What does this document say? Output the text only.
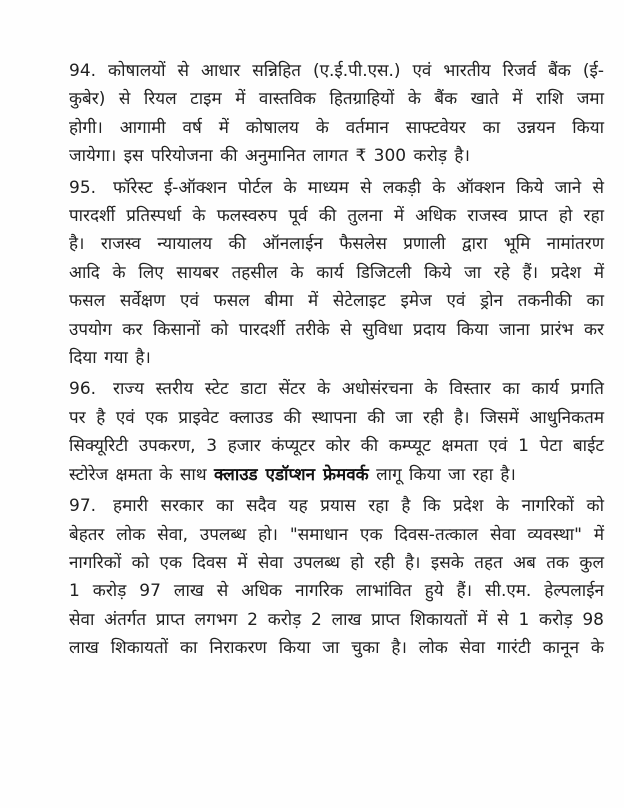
94. कोषालयों से आधार सन्निहित (ए.ई.पी.एस.) एवं भारतीय रिजर्व बैंक (ई-
कुबेर) से रियल टाइम में वास्तविक हितग्राहियों के बैंक खाते में राशि जमा
होगी। आगामी वर्ष में कोषालय के वर्तमान साफ्टवेयर का उन्नयन किया
जायेगा। इस परियोजना की अनुमानित लागत ₹ 300 करोड़ है।
95. फॉरेस्ट ई-ऑक्शन पोर्टल के माध्यम से लकड़ी के ऑक्शन किये जाने से
पारदर्शी प्रतिस्पर्धा के फलस्वरुप पूर्व की तुलना में अधिक राजस्व प्राप्त हो रहा
है। राजस्व न्यायालय की ऑनलाईन फैसलेस प्रणाली द्वारा भूमि नामांतरण
आदि के लिए सायबर तहसील के कार्य डिजिटली किये जा रहे हैं। प्रदेश में
फसल सर्वेक्षण एवं फसल बीमा में सेटेलाइट इमेज एवं ड्रोन तकनीकी का
उपयोग कर किसानों को पारदर्शी तरीके से सुविधा प्रदाय किया जाना प्रारंभ कर
दिया गया है।
96. राज्य स्तरीय स्टेट डाटा सेंटर के अधोसंरचना के विस्तार का कार्य प्रगति
पर है एवं एक प्राइवेट क्लाउड की स्थापना की जा रही है। जिसमें आधुनिकतम
सिक्यूरिटी उपकरण, 3 हजार कंप्यूटर कोर की कम्प्यूट क्षमता एवं 1 पेटा बाईट
स्टोरेज क्षमता के साथ क्लाउड एडॉप्शन फ्रेमवर्क लागू किया जा रहा है।
97. हमारी सरकार का सदैव यह प्रयास रहा है कि प्रदेश के नागरिकों को
बेहतर लोक सेवा, उपलब्ध हो। "समाधान एक दिवस-तत्काल सेवा व्यवस्था" में
नागरिकों को एक दिवस में सेवा उपलब्ध हो रही है। इसके तहत अब तक कुल
1 करोड़ 97 लाख से अधिक नागरिक लाभांवित हुये हैं। सी.एम. हेल्पलाईन
सेवा अंतर्गत प्राप्त लगभग 2 करोड़ 2 लाख प्राप्त शिकायतों में से 1 करोड़ 98
लाख शिकायतों का निराकरण किया जा चुका है। लोक सेवा गारंटी कानून के
